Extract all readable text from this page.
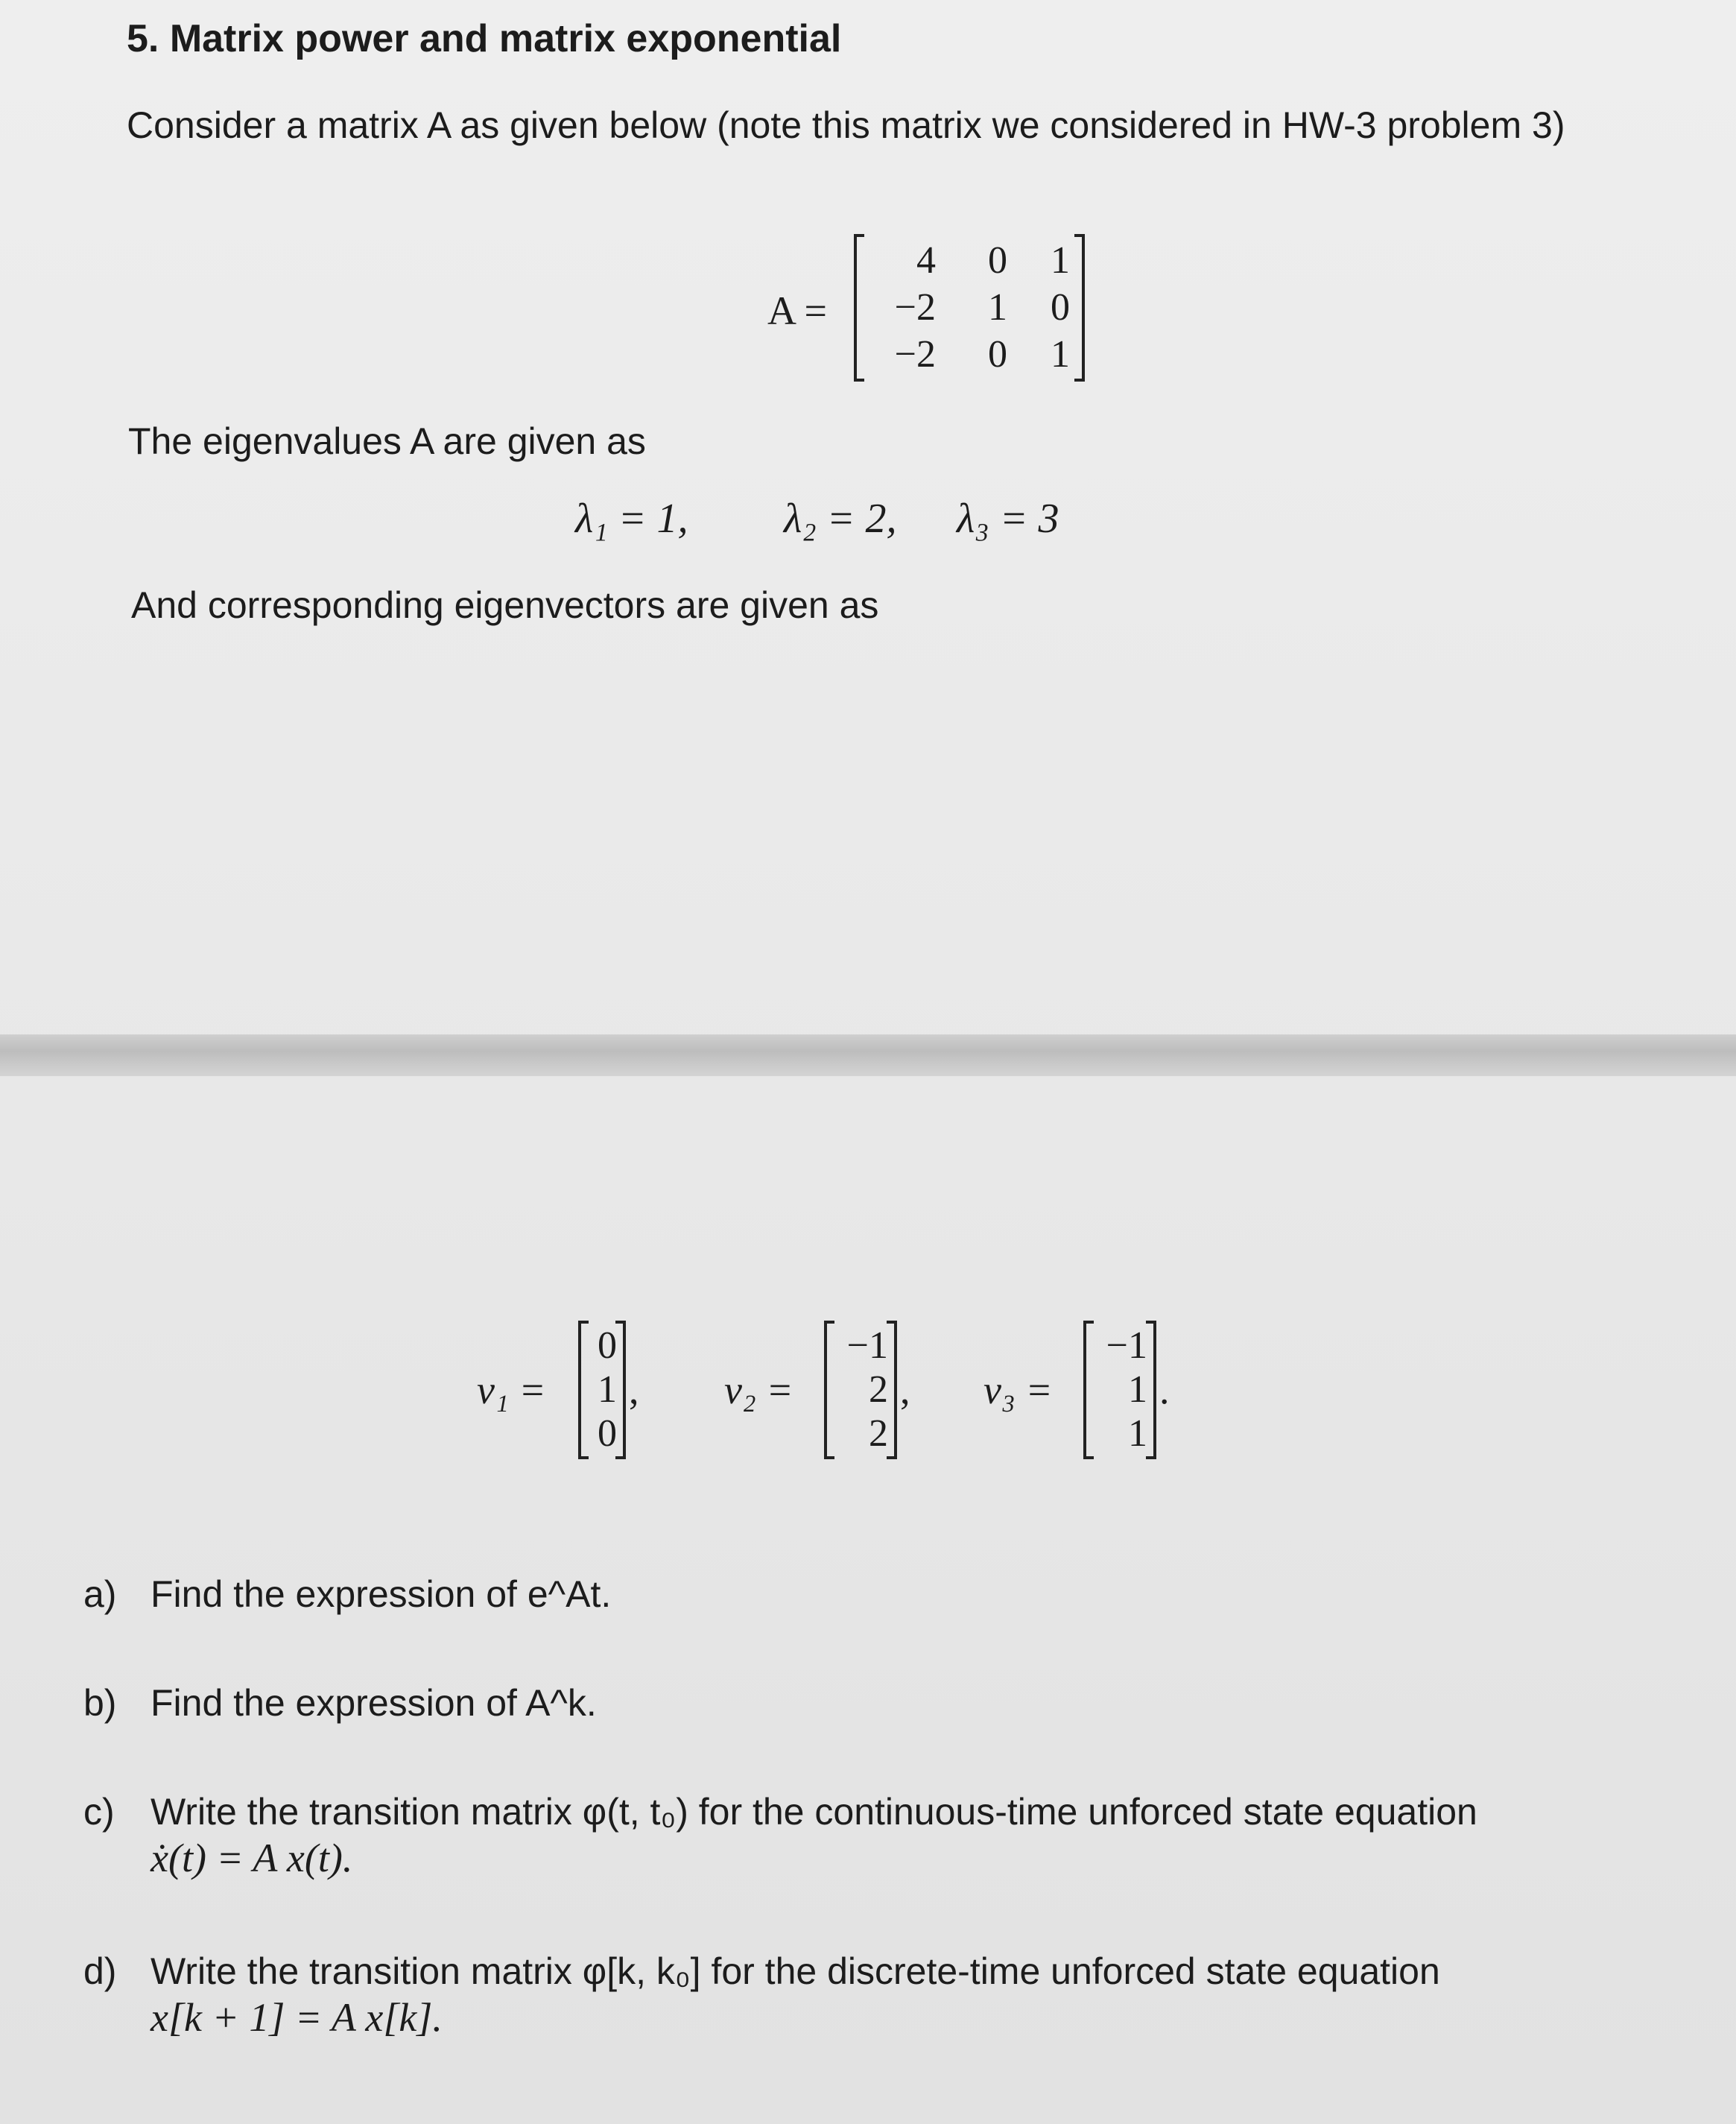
5. Matrix power and matrix exponential
Consider a matrix A as given below (note this matrix we considered in HW-3 problem 3)
A =
4	0	1
−2	1	0
−2	0	1
The eigenvalues A are given as
λ₁ = 1, λ₂ = 2, λ₃ = 3
And corresponding eigenvectors are given as
v₁ =
0
1
0
, v₂ =
−1
2
2
, v₃ =
−1
1
1
.
a) Find the expression of e^At.
b) Find the expression of A^k.
c) Write the transition matrix φ(t, t₀) for the continuous-time unforced state equation
ẋ(t) = A x(t).
d) Write the transition matrix φ[k, k₀] for the discrete-time unforced state equation
x[k + 1] = A x[k].
